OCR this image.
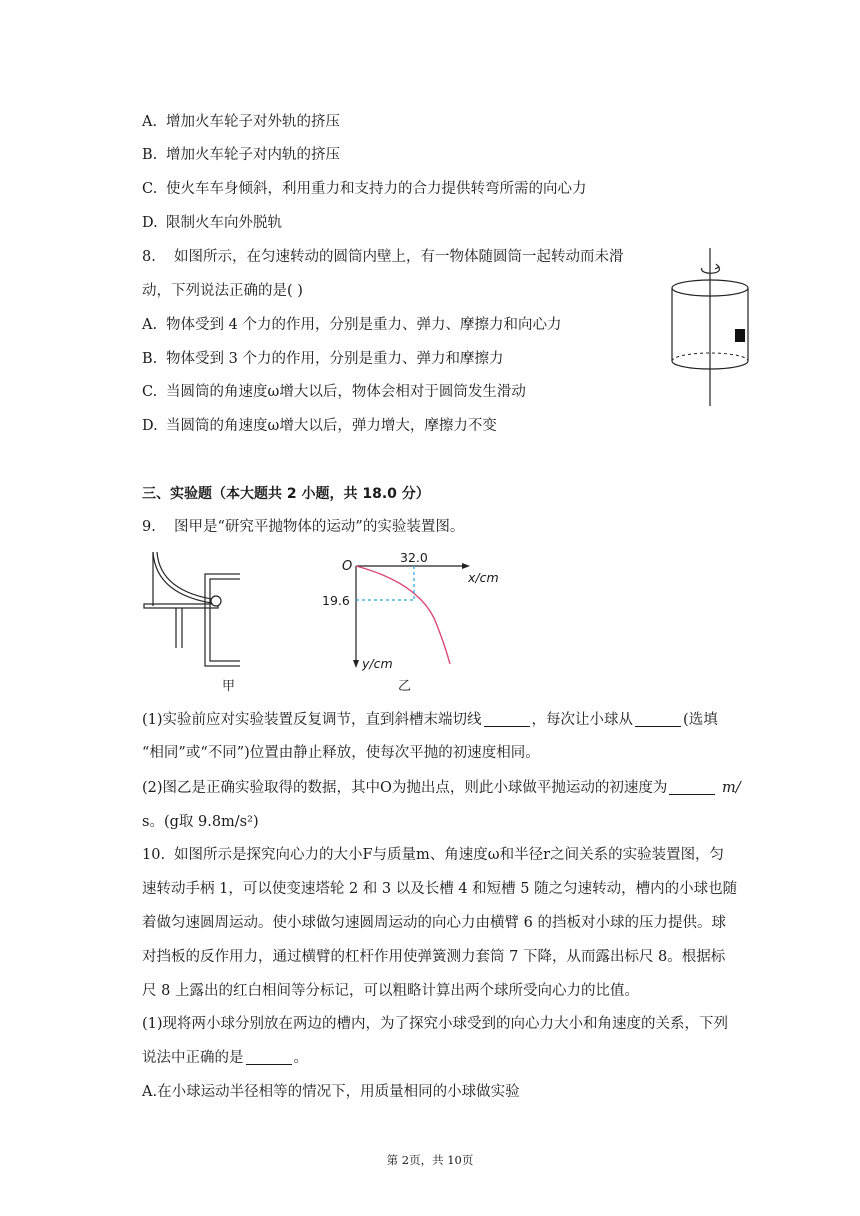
A. 增加火车轮子对外轨的挤压
B. 增加火车轮子对内轨的挤压
C. 使火车车身倾斜，利用重力和支持力的合力提供转弯所需的向心力
D. 限制火车向外脱轨
8. 如图所示，在匀速转动的圆筒内壁上，有一物体随圆筒一起转动而未滑
动，下列说法正确的是( )
A. 物体受到 4 个力的作用，分别是重力、弹力、摩擦力和向心力
B. 物体受到 3 个力的作用，分别是重力、弹力和摩擦力
C. 当圆筒的角速度ω增大以后，物体会相对于圆筒发生滑动
D. 当圆筒的角速度ω增大以后，弹力增大，摩擦力不变
三、实验题（本大题共 2 小题，共 18.0 分）
9. 图甲是“研究平抛物体的运动”的实验装置图。
甲
O
32.0
19.6
x/cm
y/cm
乙
(1)实验前应对实验装置反复调节，直到斜槽末端切线	，每次让小球从	(选填
“相同”或“不同”)位置由静止释放，使每次平抛的初速度相同。
(2)图乙是正确实验取得的数据，其中O为抛出点，则此小球做平抛运动的初速度为	m/
s。(g取 9.8m/s²)
10. 如图所示是探究向心力的大小F与质量m、角速度ω和半径r之间关系的实验装置图，匀
速转动手柄 1，可以使变速塔轮 2 和 3 以及长槽 4 和短槽 5 随之匀速转动，槽内的小球也随
着做匀速圆周运动。使小球做匀速圆周运动的向心力由横臂 6 的挡板对小球的压力提供。球
对挡板的反作用力，通过横臂的杠杆作用使弹簧测力套筒 7 下降，从而露出标尺 8。根据标
尺 8 上露出的红白相间等分标记，可以粗略计算出两个球所受向心力的比值。
(1)现将两小球分别放在两边的槽内，为了探究小球受到的向心力大小和角速度的关系，下列
说法中正确的是	。
A.在小球运动半径相等的情况下，用质量相同的小球做实验
第 2页，共 10页
